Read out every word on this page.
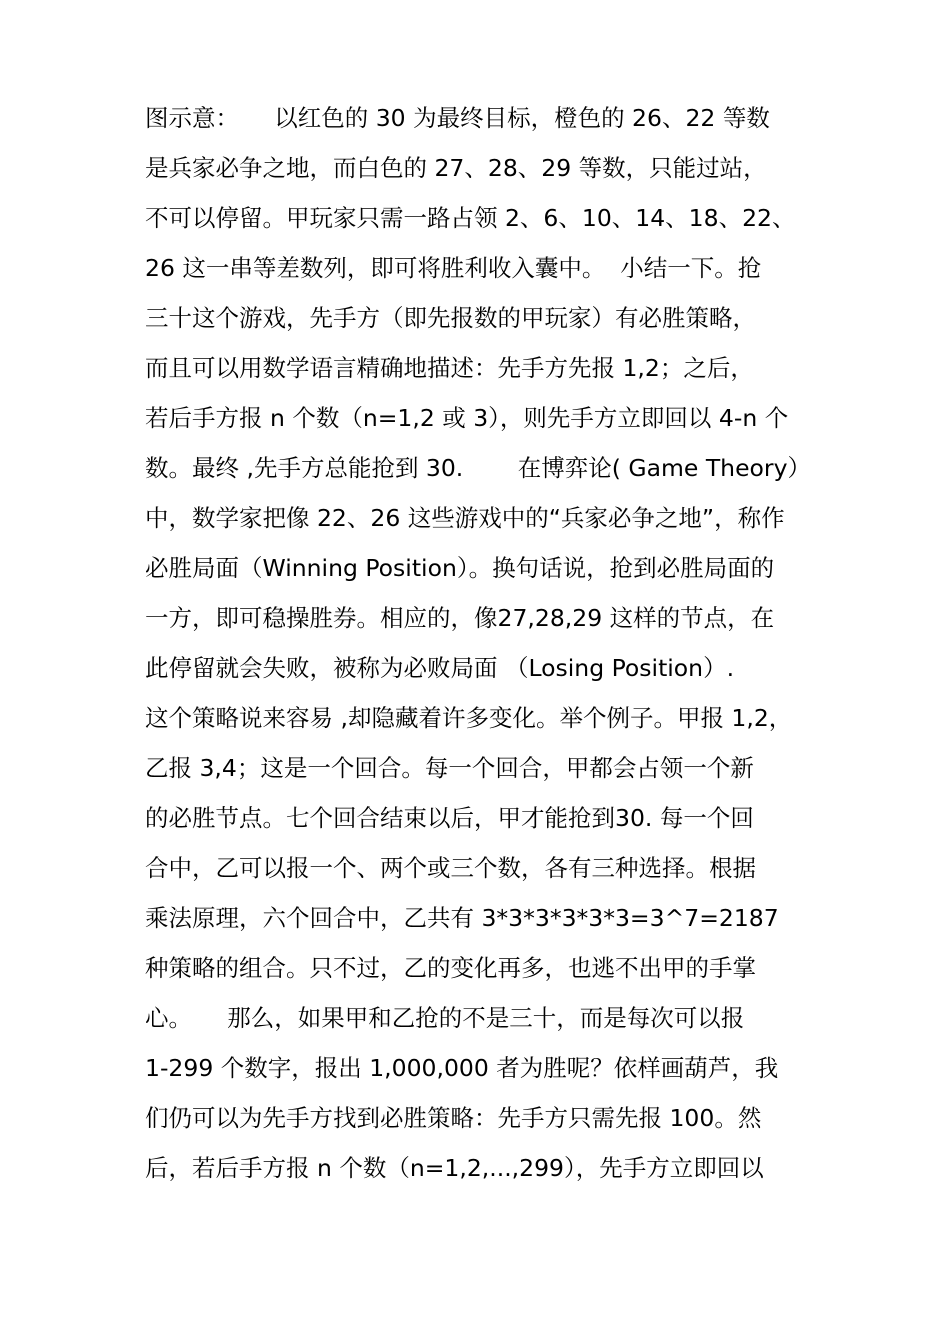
图示意：　　以红色的 30 为最终目标，橙色的 26、22 等数

是兵家必争之地，而白色的 27、28、29 等数，只能过站，

不可以停留。甲玩家只需一路占领 2、6、10、14、18、22、

26 这一串等差数列，即可将胜利收入囊中。  小结一下。抢

三十这个游戏，先手方（即先报数的甲玩家）有必胜策略，

而且可以用数学语言精确地描述：先手方先报 1,2；之后，

若后手方报 n 个数（n=1,2 或 3），则先手方立即回以 4-n 个

数。最终 ,先手方总能抢到 30.　　 在博弈论( Game Theory）

中，数学家把像 22、26 这些游戏中的“兵家必争之地”，称作

必胜局面（Winning Position）。换句话说，抢到必胜局面的

一方，即可稳操胜券。相应的，像27,28,29 这样的节点，在

此停留就会失败，被称为必败局面 （Losing Position）.

这个策略说来容易 ,却隐藏着许多变化。举个例子。甲报 1,2，

乙报 3,4；这是一个回合。每一个回合，甲都会占领一个新

的必胜节点。七个回合结束以后，甲才能抢到30. 每一个回

合中，乙可以报一个、两个或三个数，各有三种选择。根据

乘法原理，六个回合中，乙共有 3*3*3*3*3*3=3^7=2187

种策略的组合。只不过，乙的变化再多，也逃不出甲的手掌

心。　　那么，如果甲和乙抢的不是三十，而是每次可以报

1-299 个数字，报出 1,000,000 者为胜呢？依样画葫芦，我

们仍可以为先手方找到必胜策略：先手方只需先报 100。然

后，若后手方报 n 个数（n=1,2,...,299），先手方立即回以
